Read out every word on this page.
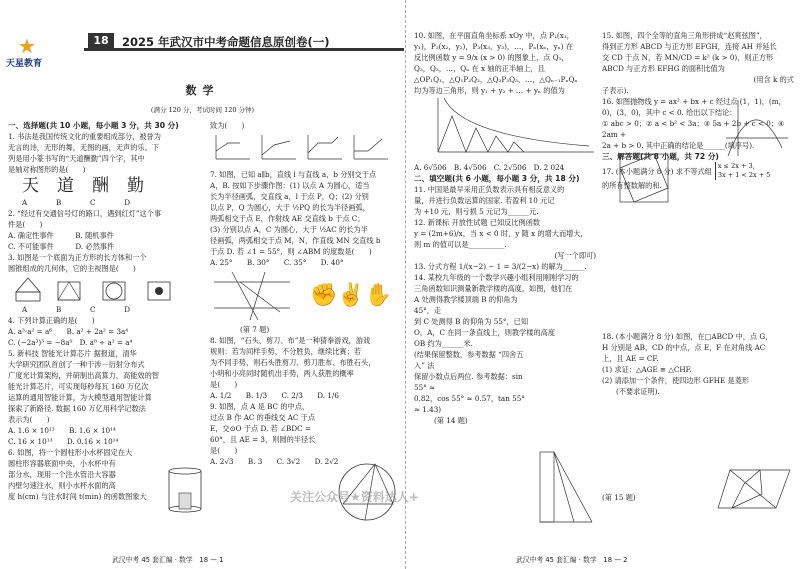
★
天星教育
18	2025 年武汉市中考命题信息原创卷(一)
数学
(满分 120 分，考试时间 120 分钟)
一、选择题(共 10 小题，每小题 3 分，共 30 分)
1. 书法是我国传统文化的重要组成部分，被誉为
无言的诗，无形的舞，无图的画，无声的乐。下
列是用小篆书写的“天道酬勤”四个字，其中
是轴对称图形的是(　　)
天道酬勤
A　　　　B　　　　C　　　　D
2. “经过有交通信号灯的路口，遇到红灯”这个事
件是(　　)
A. 确定性事件　　　B. 随机事件
C. 不可能事件　　　D. 必然事件
3. 如图是一个底面为正方形的长方体和一个
圆锥组成的几何体，它的主视图是(　　)
A　　　　B　　　　C　　　　D
4. 下列计算正确的是(　　)
A. a³·a² = a⁶　　B. a² + 2a² = 3a⁴
C. (−2a³)³ = −8a⁹　D. a⁸ ÷ a² = a⁴
5. 新科技 智能光计算芯片 据报道，清华
大学研究团队首创了一种干涉－衍射分布式
广度光计算架构，并研制出高算力，高能效的智
能光计算芯片，可实现每秒每瓦 160 万亿次
运算的通用智能计算，为大模型通用智能计算
探索了新路径. 数据 160 万亿用科学记数法
表示为(　　)
A. 1.6 × 10¹³　　B. 1.6 × 10¹⁴
C. 16 × 10¹³　　D. 0.16 × 10¹⁴
6. 如图，将一个圆柱形小水杯固定在大
圆柱形容器底面中央，小水杯中有
部分水，现用一个注水管沿大容器
内壁匀速注水，则小水杯水面的高
度 h(cm) 与注水时间 t(min) 的函数图象大
致为(　　)
7. 如图，已知 a∥b，直线 l 与直线 a，b 分别交于点
A，B. 按如下步骤作图：(1) 以点 A 为圆心，适当
长为半径画弧，交直线 a，l 于点 P，Q；(2) 分别
以点 P，Q 为圆心，大于 ½PQ 的长为半径画弧，
两弧相交于点 E，作射线 AE 交直线 b 于点 C；
(3) 分别以点 A，C 为圆心，大于 ½AC 的长为半
径画弧，两弧相交于点 M，N，作直线 MN 交直线 b
于点 D. 若 ∠1 = 55°，则 ∠ABM 的度数是(　　)
A. 25°　　B. 30°　　C. 35°　　D. 40°
✊✌✋
(第 7 题)
8. 如图，“石头、剪刀、布”是一种猜拳游戏，游戏
规则：若为同样手势，不分胜负，继续比赛；若
为不同手势，则石头胜剪刀、剪刀胜布、布胜石头，
小明和小亮同时随机出手势，两人获胜的概率
是(　　)
A. 1/2　　B. 1/3　　C. 2/3　　D. 1/6
9. 如图，点 A 是 BC 的中点，
过点 B 作 AC 的垂线交 AC 于点
E，交⊙O 于点 D. 若 ∠BDC =
60°，且 AE = 3，则圆的半径长
是(　　)
A. 2√3　　B. 3　　C. 3√2　　D. 2√2
武汉中考 45 套汇编 · 数学　18 — 1
10. 如图，在平面直角坐标系 xOy 中，点 P₁(x₁，
y₁)，P₂(x₂，y₂)，P₃(x₃，y₃)，…，Pₙ(xₙ，yₙ) 在
反比例函数 y = 9/x (x > 0) 的图象上，点 Q₁，
Q₂，Q₃，…，Qₙ 在 x 轴的正半轴上，且
△OP₁Q₁，△Q₁P₂Q₂，△Q₂P₃Q₃，…，△Qₙ₋₁PₙQₙ
均为等边三角形，则 y₁ + y₂ + … + yₙ 的值为
A. 6√506　B. 4√506　C. 2√506　D. 2 024
二、填空题(共 6 小题，每小题 3 分，共 18 分)
11. 中国是最早采用正负数表示具有相反意义的
量，并进行负数运算的国家. 若盈利 10 元记
为 +10 元，则亏损 5 元记为______元.
12. 新课标 开放性试题 已知反比例函数
y = (2m+6)/x，当 x < 0 时，y 随 x 的增大而增大，
则 m 的值可以是__________.
(写一个即可)
13. 分式方程 1/(x−2) − 1 = 3/(2−x) 的解为______.
14. 某校九年级的一个数学兴趣小组利用刚刚学习的
三角函数知识测量新教学楼的高度，如图，他们在
A 处测得教学楼顶端 B 的仰角为 45°，走
到 C 处测得 B 的仰角为 55°，已知
O，A，C 在同一条直线上，则教学楼的高度
OB 约为______米.
(结果保留整数，参考数据 “四舍五入” 法
保留小数点后两位. 参考数据：sin 55° ≈
0.82，cos 55° ≈ 0.57，tan 55° ≈ 1.43)
(第 14 题)
15. 如图，四个全等的直角三角形拼成“赵爽弦图”，
得到正方形 ABCD 与正方形 EFGH，连接 AH 并延长
交 CD 于点 N，若 MN/CD = k² (k > 0)，则正方形
ABCD 与正方形 EFHG 的面积比值为
(用含 k 的式
子表示).
16. 如图抛物线 y = ax² + bx + c 经过点 (1，1)，(m，
0)，(3，0)，其中 c < 0. 给出以下结论：
① abc > 0；② a < b² < 3a；③ 5a + 2b + c < 0；④ 2am +
2a + b > 0. 其中正确的结论是______(填序号).
三、解答题(共 8 小题，共 72 分)
17. (本小题满分 8 分) 求不等式组
x ≤ 2x + 3，
3x + 1 < 2x + 5
的所有整数解的和.
18. (本小题满分 8 分) 如图，在□ABCD 中，点 G，
H 分别是 AB，CD 的中点，点 E，F 在对角线 AC
上，且 AE = CF.
(1) 求证：△AGE ≌ △CHF.
(2) 请添加一个条件，使四边形 GFHE 是菱形
(不要求证明).
(第 15 题)
武汉中考 45 套汇编 · 数学　18 — 2
关注公众号★资料达人+
